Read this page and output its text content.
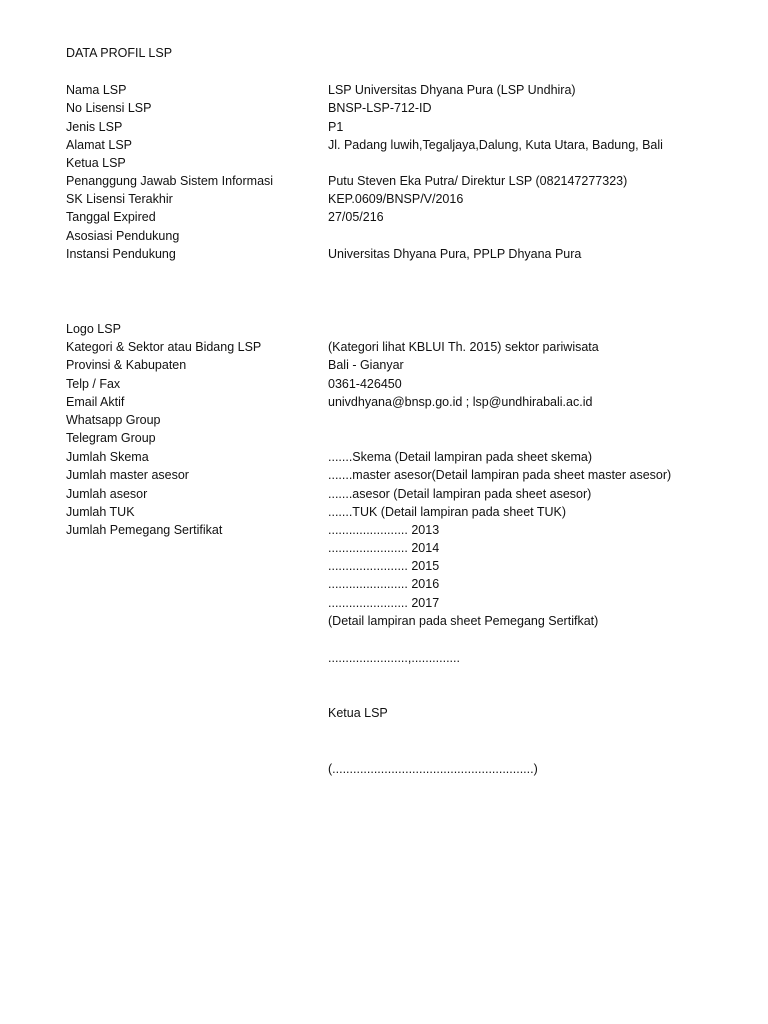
DATA PROFIL LSP
Nama LSP	LSP Universitas Dhyana Pura (LSP Undhira)
No Lisensi LSP	BNSP-LSP-712-ID
Jenis LSP	P1
Alamat LSP	Jl. Padang luwih,Tegaljaya,Dalung, Kuta Utara, Badung, Bali
Ketua LSP
Penanggung Jawab Sistem Informasi	Putu Steven Eka Putra/ Direktur LSP (082147277323)
SK Lisensi Terakhir	KEP.0609/BNSP/V/2016
Tanggal Expired	27/05/216
Asosiasi Pendukung
Instansi Pendukung	Universitas Dhyana Pura, PPLP Dhyana Pura
Logo LSP
Kategori & Sektor atau Bidang LSP	(Kategori lihat KBLUI Th. 2015) sektor pariwisata
Provinsi & Kabupaten	Bali - Gianyar
Telp / Fax	0361-426450
Email Aktif	univdhyana@bnsp.go.id ; lsp@undhirabali.ac.id
Whatsapp Group
Telegram Group
Jumlah Skema	.......Skema (Detail lampiran pada sheet skema)
Jumlah master asesor	.......master asesor(Detail lampiran pada sheet master asesor)
Jumlah asesor	.......asesor (Detail lampiran pada sheet asesor)
Jumlah TUK	.......TUK (Detail lampiran pada sheet TUK)
Jumlah Pemegang Sertifikat	....................... 2013
....................... 2014
....................... 2015
....................... 2016
....................... 2017
(Detail lampiran pada sheet Pemegang Sertifkat)
.......................,..............
Ketua LSP
(..........................................................)
